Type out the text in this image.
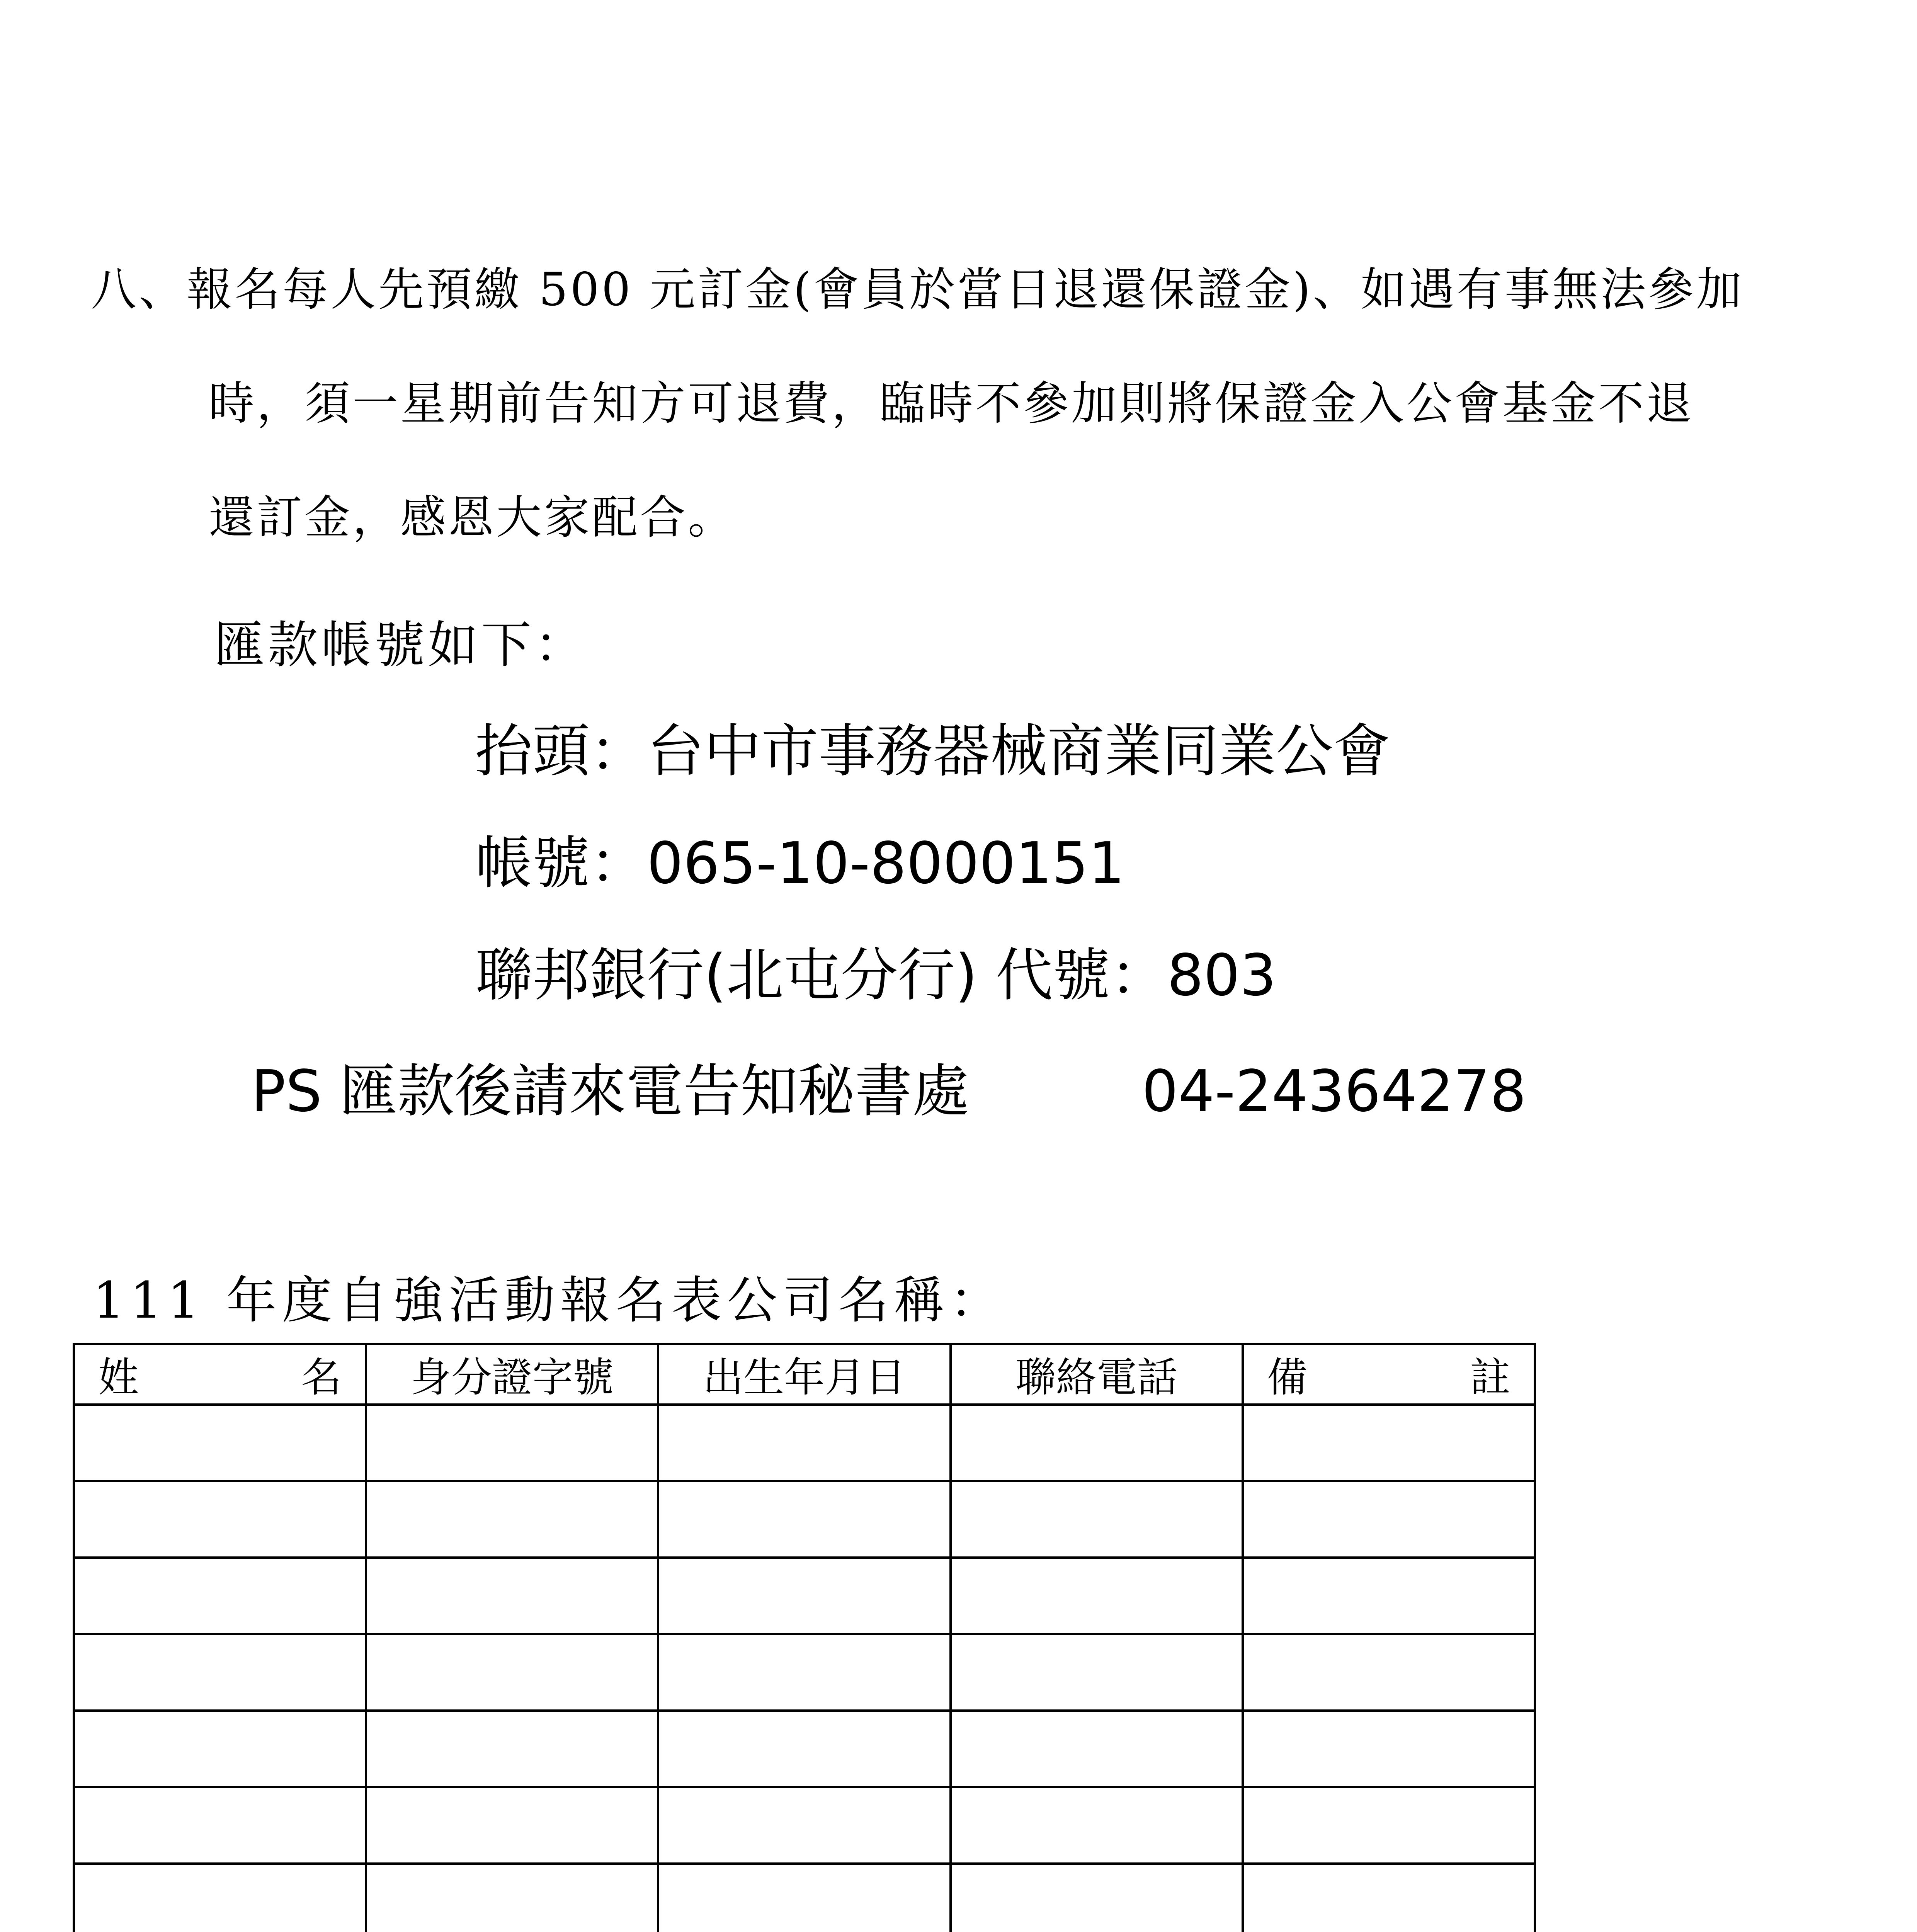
八、報名每人先預繳 500 元訂金(會員於當日退還保證金)、如遇有事無法參加
時，須一星期前告知方可退費，臨時不參加則將保證金入公會基金不退
還訂金，感恩大家配合。
匯款帳號如下：
抬頭：台中市事務器械商業同業公會
帳號：065-10-8000151
聯邦銀行(北屯分行) 代號：803
PS 匯款後請來電告知秘書處	04-24364278
111 年度自強活動報名表公司名稱：
姓名	身分證字號	出生年月日	聯絡電話	備註
